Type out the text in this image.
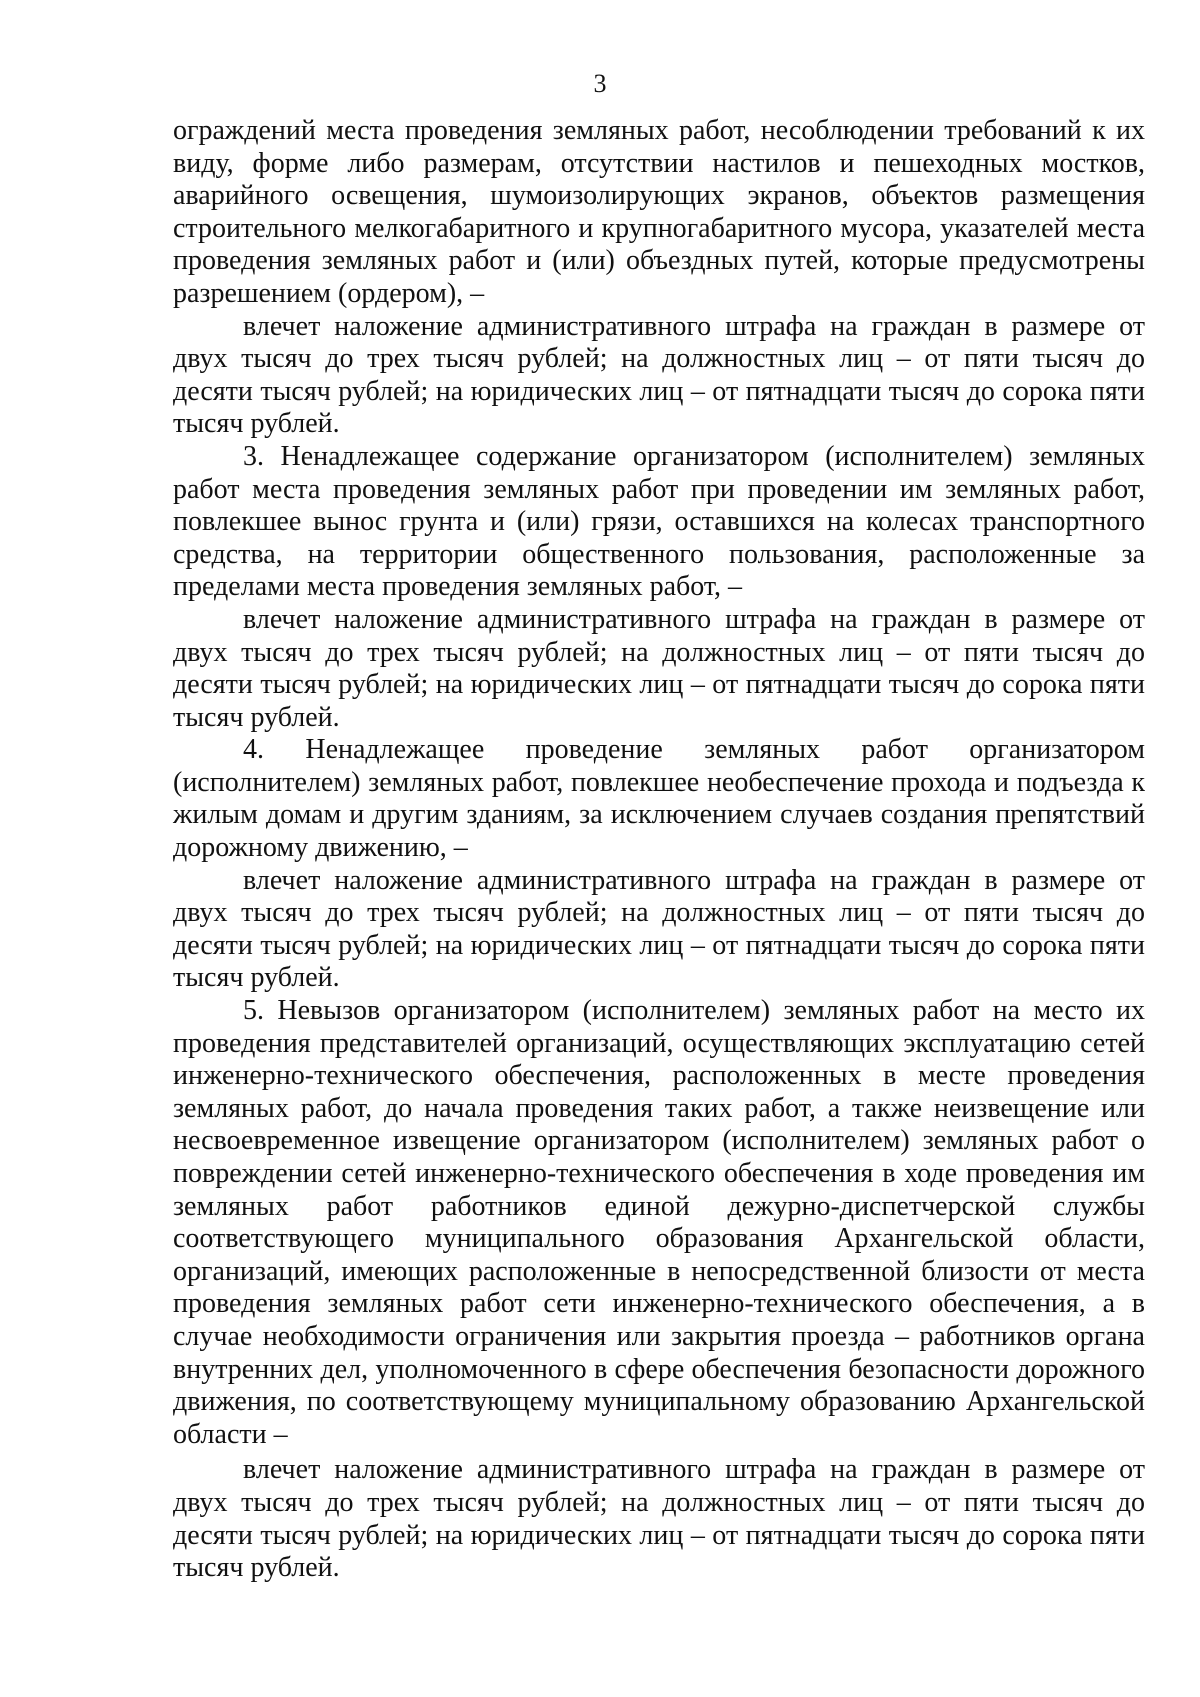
3

ограждений места проведения земляных работ, несоблюдении требований к их виду, форме либо размерам, отсутствии настилов и пешеходных мостков, аварийного освещения, шумоизолирующих экранов, объектов размещения строительного мелкогабаритного и крупногабаритного мусора, указателей места проведения земляных работ и (или) объездных путей, которые предусмотрены разрешением (ордером), –

влечет наложение административного штрафа на граждан в размере от двух тысяч до трех тысяч рублей; на должностных лиц – от пяти тысяч до десяти тысяч рублей; на юридических лиц – от пятнадцати тысяч до сорока пяти тысяч рублей.

3. Ненадлежащее содержание организатором (исполнителем) земляных работ места проведения земляных работ при проведении им земляных работ, повлекшее вынос грунта и (или) грязи, оставшихся на колесах транспортного средства, на территории общественного пользования, расположенные за пределами места проведения земляных работ, –

влечет наложение административного штрафа на граждан в размере от двух тысяч до трех тысяч рублей; на должностных лиц – от пяти тысяч до десяти тысяч рублей; на юридических лиц – от пятнадцати тысяч до сорока пяти тысяч рублей.

4. Ненадлежащее проведение земляных работ организатором (исполнителем) земляных работ, повлекшее необеспечение прохода и подъезда к жилым домам и другим зданиям, за исключением случаев создания препятствий дорожному движению, –

влечет наложение административного штрафа на граждан в размере от двух тысяч до трех тысяч рублей; на должностных лиц – от пяти тысяч до десяти тысяч рублей; на юридических лиц – от пятнадцати тысяч до сорока пяти тысяч рублей.

5. Невызов организатором (исполнителем) земляных работ на место их проведения представителей организаций, осуществляющих эксплуатацию сетей инженерно-технического обеспечения, расположенных в месте проведения земляных работ, до начала проведения таких работ, а также неизвещение или несвоевременное извещение организатором (исполнителем) земляных работ о повреждении сетей инженерно-технического обеспечения в ходе проведения им земляных работ работников единой дежурно-диспетчерской службы соответствующего муниципального образования Архангельской области, организаций, имеющих расположенные в непосредственной близости от места проведения земляных работ сети инженерно-технического обеспечения, а в случае необходимости ограничения или закрытия проезда – работников органа внутренних дел, уполномоченного в сфере обеспечения безопасности дорожного движения, по соответствующему муниципальному образованию Архангельской области –

влечет наложение административного штрафа на граждан в размере от двух тысяч до трех тысяч рублей; на должностных лиц – от пяти тысяч до десяти тысяч рублей; на юридических лиц – от пятнадцати тысяч до сорока пяти тысяч рублей.
